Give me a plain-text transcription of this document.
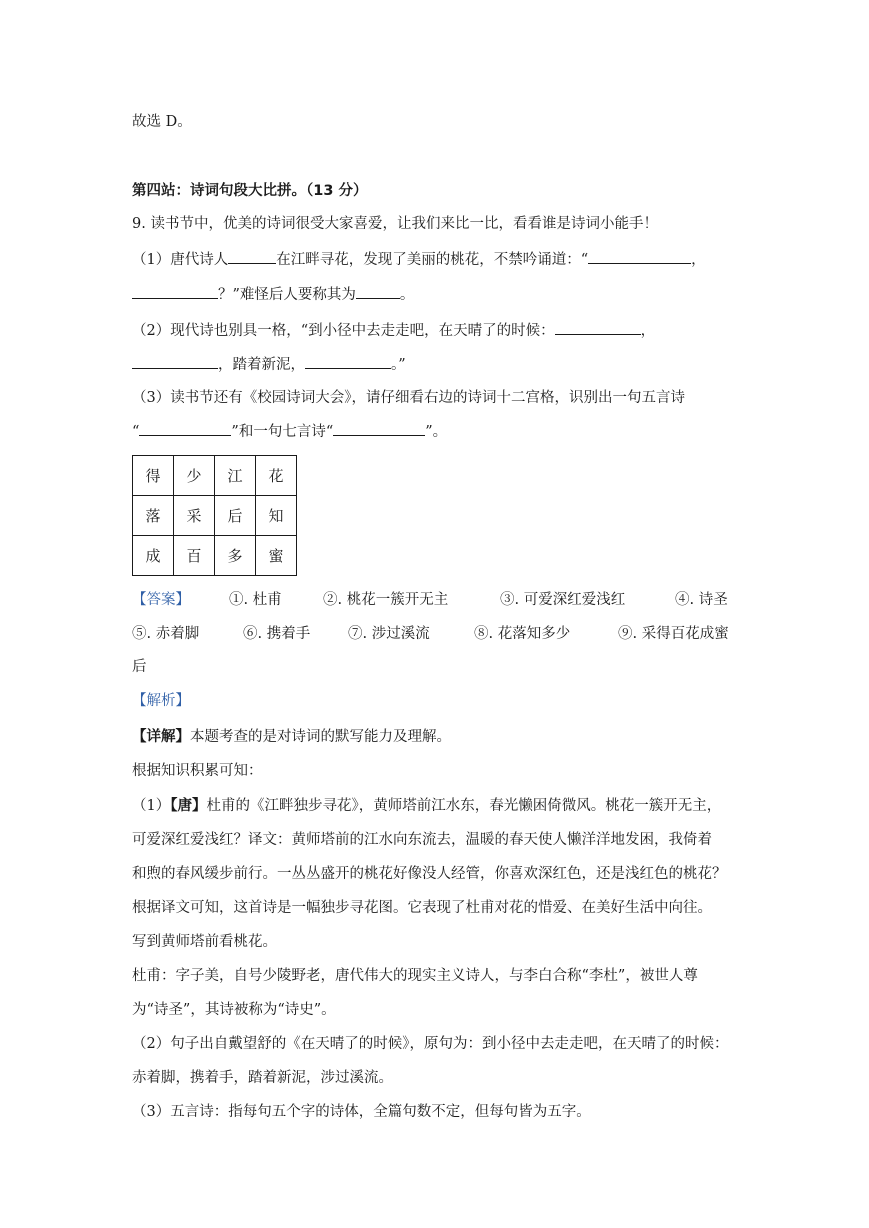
故选 D。
第四站：诗词句段大比拼。（13 分）
9. 读书节中，优美的诗词很受大家喜爱，让我们来比一比，看看谁是诗词小能手！
（1）唐代诗人	在江畔寻花，发现了美丽的桃花，不禁吟诵道：“	，
？”难怪后人要称其为	。
（2）现代诗也别具一格，“到小径中去走走吧，在天晴了的时候：	，
，踏着新泥，	。”
（3）读书节还有《校园诗词大会》，请仔细看右边的诗词十二宫格，识别出一句五言诗
“	”和一句七言诗“	”。
得	少	江	花
落	采	后	知
成	百	多	蜜
【答案】	①. 杜甫	②. 桃花一簇开无主	③. 可爱深红爱浅红	④. 诗圣
⑤. 赤着脚	⑥. 携着手	⑦. 涉过溪流	⑧. 花落知多少	⑨. 采得百花成蜜
后
【解析】
【详解】本题考查的是对诗词的默写能力及理解。
根据知识积累可知：
（1）【唐】杜甫的《江畔独步寻花》，黄师塔前江水东，春光懒困倚微风。桃花一簇开无主，
可爱深红爱浅红？译文：黄师塔前的江水向东流去，温暖的春天使人懒洋洋地发困，我倚着
和煦的春风缓步前行。一丛丛盛开的桃花好像没人经管，你喜欢深红色，还是浅红色的桃花？
根据译文可知，这首诗是一幅独步寻花图。它表现了杜甫对花的惜爱、在美好生活中向往。
写到黄师塔前看桃花。
杜甫：字子美，自号少陵野老，唐代伟大的现实主义诗人，与李白合称“李杜”，被世人尊
为“诗圣”，其诗被称为“诗史”。
（2）句子出自戴望舒的《在天晴了的时候》，原句为：到小径中去走走吧，在天晴了的时候：
赤着脚，携着手，踏着新泥，涉过溪流。
（3）五言诗：指每句五个字的诗体，全篇句数不定，但每句皆为五字。
